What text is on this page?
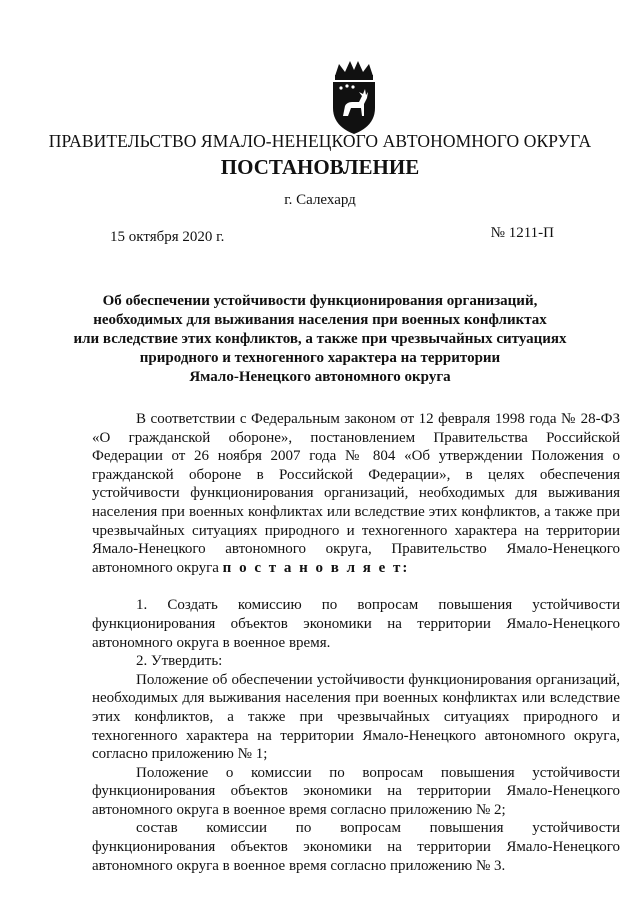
ПРАВИТЕЛЬСТВО ЯМАЛО-НЕНЕЦКОГО АВТОНОМНОГО ОКРУГА
ПОСТАНОВЛЕНИЕ
г. Салехард
15 октября 2020 г.	№ 1211-П
Об обеспечении устойчивости функционирования организаций,
необходимых для выживания населения при военных конфликтах
или вследствие этих конфликтов, а также при чрезвычайных ситуациях
природного и техногенного характера на территории
Ямало-Ненецкого автономного округа

В соответствии с Федеральным законом от 12 февраля 1998 года № 28-ФЗ «О гражданской обороне», постановлением Правительства Российской Федерации от 26 ноября 2007 года № 804 «Об утверждении Положения о гражданской обороне в Российской Федерации», в целях обеспечения устойчивости функционирования организаций, необходимых для выживания населения при военных конфликтах или вследствие этих конфликтов, а также при чрезвычайных ситуациях природного и техногенного характера на территории Ямало-Ненецкого автономного округа, Правительство Ямало-Ненецкого автономного округа п о с т а н о в л я е т:

1. Создать комиссию по вопросам повышения устойчивости функционирования объектов экономики на территории Ямало-Ненецкого автономного округа в военное время.

2. Утвердить:

Положение об обеспечении устойчивости функционирования организаций, необходимых для выживания населения при военных конфликтах или вследствие этих конфликтов, а также при чрезвычайных ситуациях природного и техногенного характера на территории Ямало-Ненецкого автономного округа, согласно приложению № 1;

Положение о комиссии по вопросам повышения устойчивости функционирования объектов экономики на территории Ямало-Ненецкого автономного округа в военное время согласно приложению № 2;

состав комиссии по вопросам повышения устойчивости функционирования объектов экономики на территории Ямало-Ненецкого автономного округа в военное время согласно приложению № 3.
